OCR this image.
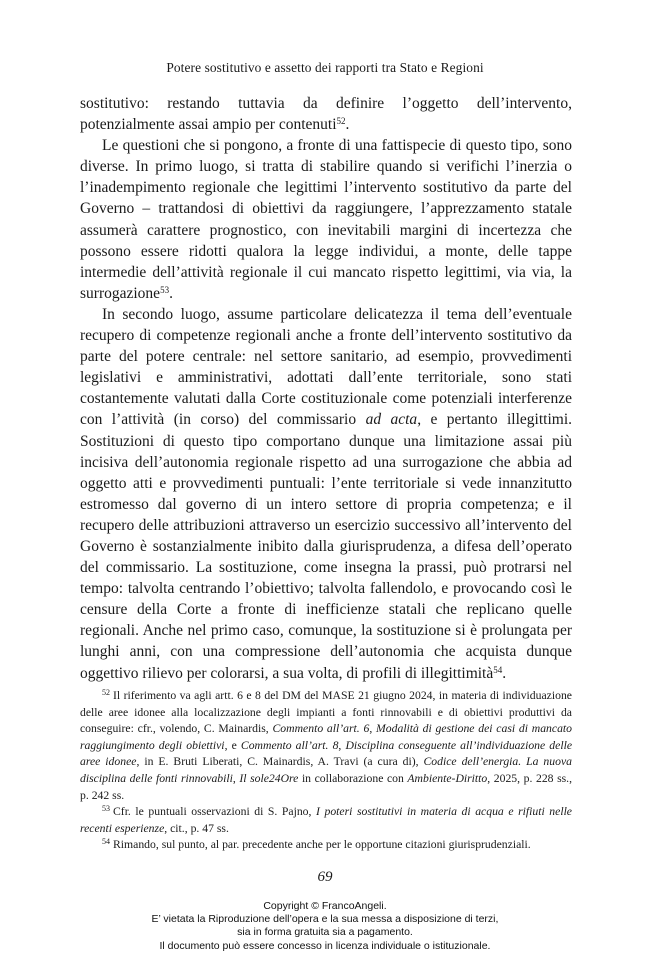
Potere sostitutivo e assetto dei rapporti tra Stato e Regioni

sostitutivo: restando tuttavia da definire l’oggetto dell’intervento, potenzialmente assai ampio per contenuti$^{52}$.

Le questioni che si pongono, a fronte di una fattispecie di questo tipo, sono diverse. In primo luogo, si tratta di stabilire quando si verifichi l’inerzia o l’inadempimento regionale che legittimi l’intervento sostitutivo da parte del Governo – trattandosi di obiettivi da raggiungere, l’apprezzamento statale assumerà carattere prognostico, con inevitabili margini di incertezza che possono essere ridotti qualora la legge individui, a monte, delle tappe intermedie dell’attività regionale il cui mancato rispetto legittimi, via via, la surrogazione$^{53}$.

In secondo luogo, assume particolare delicatezza il tema dell’eventuale recupero di competenze regionali anche a fronte dell’intervento sostitutivo da parte del potere centrale: nel settore sanitario, ad esempio, provvedimenti legislativi e amministrativi, adottati dall’ente territoriale, sono stati costantemente valutati dalla Corte costituzionale come potenziali interferenze con l’attività (in corso) del commissario ad acta, e pertanto illegittimi. Sostituzioni di questo tipo comportano dunque una limitazione assai più incisiva dell’autonomia regionale rispetto ad una surrogazione che abbia ad oggetto atti e provvedimenti puntuali: l’ente territoriale si vede innanzitutto estromesso dal governo di un intero settore di propria competenza; e il recupero delle attribuzioni attraverso un esercizio successivo all’intervento del Governo è sostanzialmente inibito dalla giurisprudenza, a difesa dell’operato del commissario. La sostituzione, come insegna la prassi, può protrarsi nel tempo: talvolta centrando l’obiettivo; talvolta fallendolo, e provocando così le censure della Corte a fronte di inefficienze statali che replicano quelle regionali. Anche nel primo caso, comunque, la sostituzione si è prolungata per lunghi anni, con una compressione dell’autonomia che acquista dunque oggettivo rilievo per colorarsi, a sua volta, di profili di illegittimità$^{54}$.

$^{52}$ Il riferimento va agli artt. 6 e 8 del DM del MASE 21 giugno 2024, in materia di individuazione delle aree idonee alla localizzazione degli impianti a fonti rinnovabili e di obiettivi produttivi da conseguire: cfr., volendo, C. Mainardis, Commento all’art. 6, Modalità di gestione dei casi di mancato raggiungimento degli obiettivi, e Commento all’art. 8, Disciplina conseguente all’individuazione delle aree idonee, in E. Bruti Liberati, C. Mainardis, A. Travi (a cura di), Codice dell’energia. La nuova disciplina delle fonti rinnovabili, Il sole24Ore in collaborazione con Ambiente-Diritto, 2025, p. 228 ss., p. 242 ss.

$^{53}$ Cfr. le puntuali osservazioni di S. Pajno, I poteri sostitutivi in materia di acqua e rifiuti nelle recenti esperienze, cit., p. 47 ss.

$^{54}$ Rimando, sul punto, al par. precedente anche per le opportune citazioni giurisprudenziali.

69
Copyright © FrancoAngeli.
E’ vietata la Riproduzione dell’opera e la sua messa a disposizione di terzi,
sia in forma gratuita sia a pagamento.
Il documento può essere concesso in licenza individuale o istituzionale.
